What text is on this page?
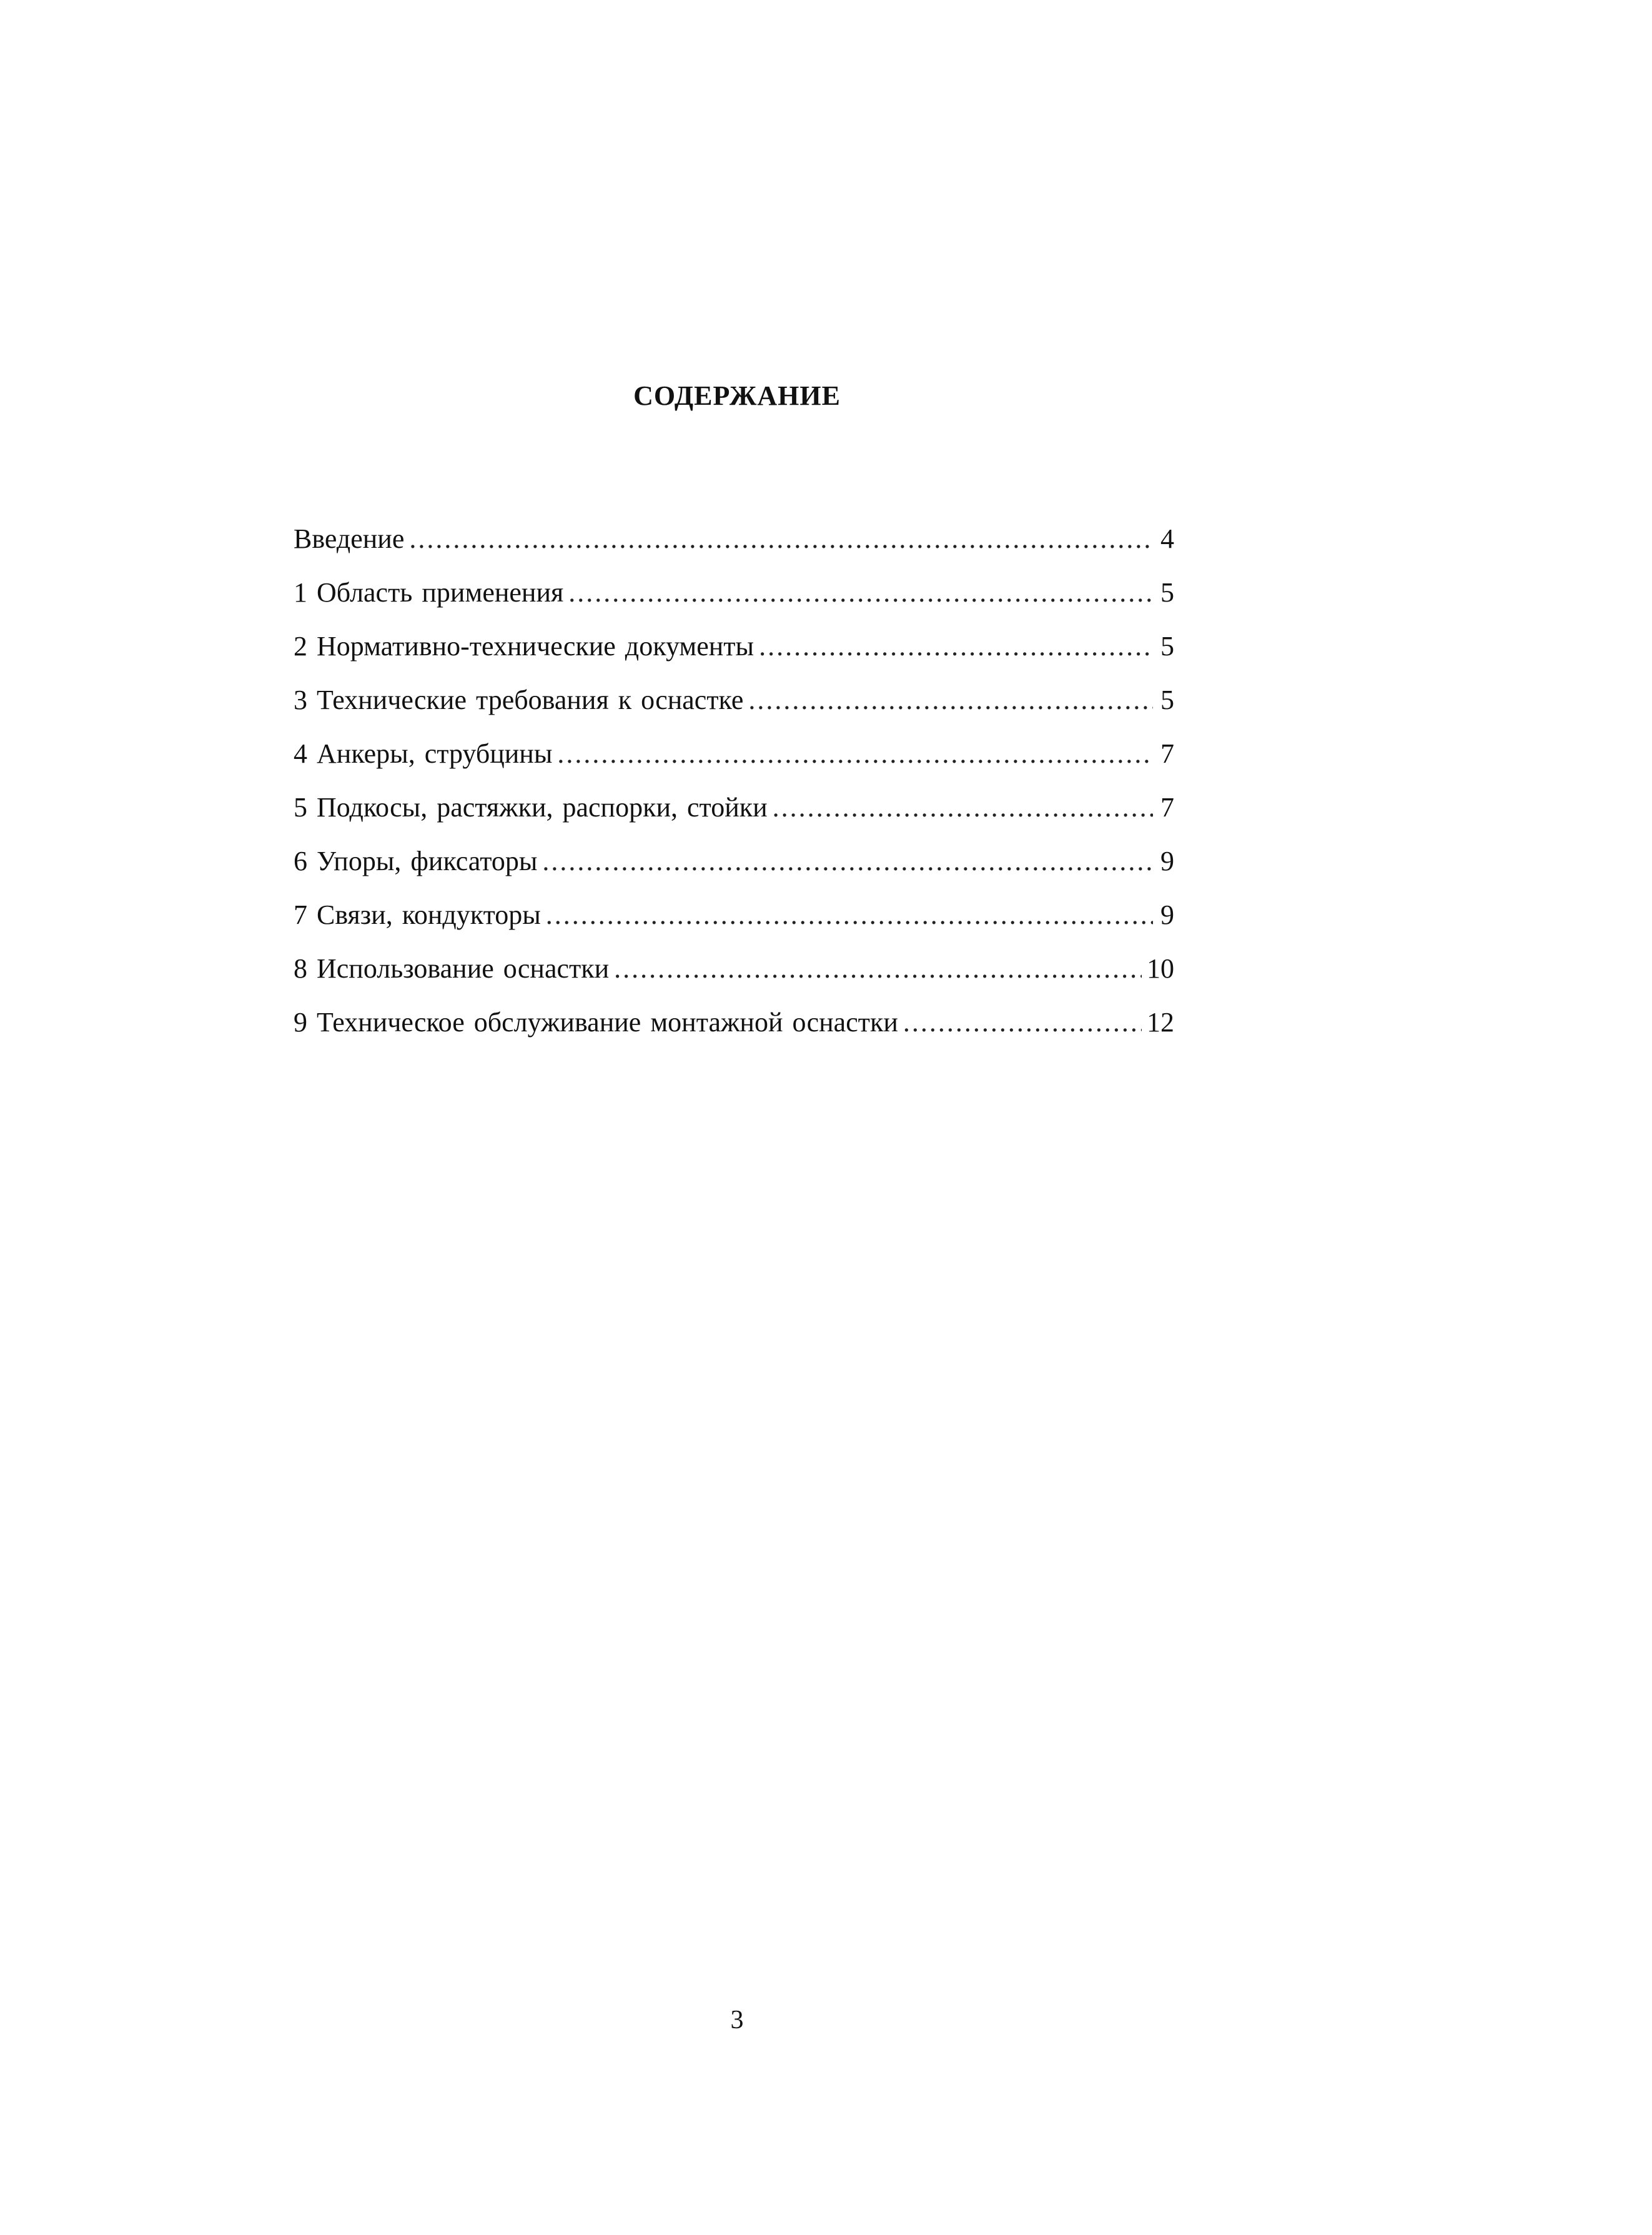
СОДЕРЖАНИЕ
Введение .....	4
1 Область применения .....	5
2 Нормативно-технические документы .....	5
3 Технические требования к оснастке .....	5
4 Анкеры, струбцины .....	7
5 Подкосы, растяжки, распорки, стойки .....	7
6 Упоры, фиксаторы .....	9
7 Связи, кондукторы .....	9
8 Использование оснастки .....	10
9 Техническое обслуживание монтажной оснастки .....	12
3
